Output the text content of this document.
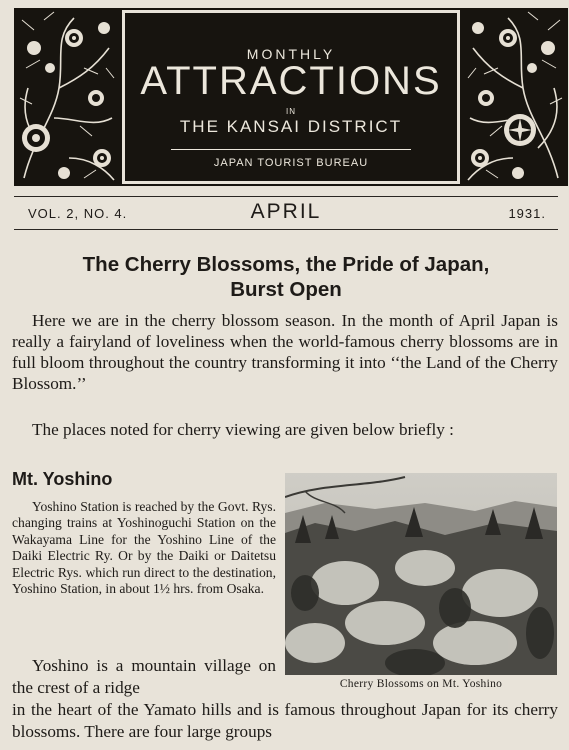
MONTHLY
ATTRACTIONS
IN
THE KANSAI DISTRICT
JAPAN TOURIST BUREAU
VOL. 2, NO. 4.	APRIL	1931.
The Cherry Blossoms, the Pride of Japan,
Burst Open

Here we are in the cherry blossom season. In the month of April Japan is really a fairyland of loveliness when the world-famous cherry blossoms are in full bloom throughout the country transforming it into ‘‘the Land of the Cherry Blossom.’’

The places noted for cherry viewing are given below briefly :

Mt. Yoshino

Yoshino Station is reached by the Govt. Rys. changing trains at Yoshinoguchi Station on the Wakayama Line for the Yoshino Line of the Daiki Electric Ry. Or by the Daiki or Daitetsu Electric Rys. which run direct to the destination, Yoshino Station, in about 1½ hrs. from Osaka.

Yoshino is a mountain village on the crest of a ridge

in the heart of the Yamato hills and is famous throughout Japan for its cherry blossoms. There are four large groups

Cherry Blossoms on Mt. Yoshino
